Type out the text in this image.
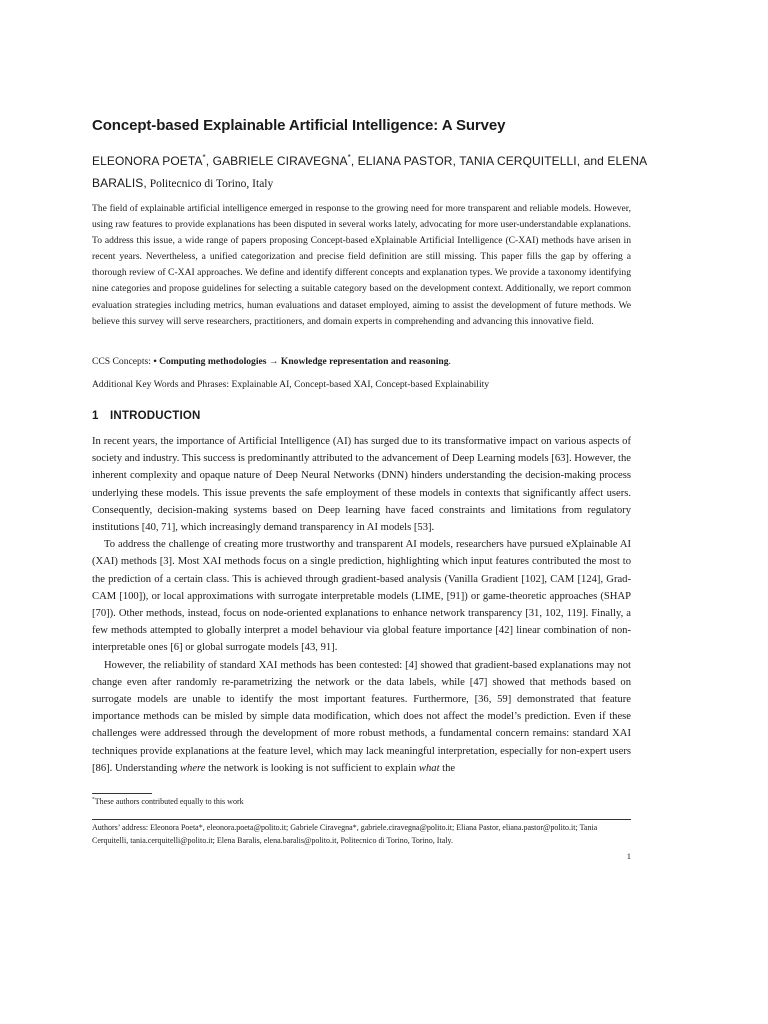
Concept-based Explainable Artificial Intelligence: A Survey
ELEONORA POETA*, GABRIELE CIRAVEGNA*, ELIANA PASTOR, TANIA CERQUITELLI, and ELENA BARALIS, Politecnico di Torino, Italy

The field of explainable artificial intelligence emerged in response to the growing need for more transparent and reliable models. However, using raw features to provide explanations has been disputed in several works lately, advocating for more user-understandable explanations. To address this issue, a wide range of papers proposing Concept-based eXplainable Artificial Intelligence (C-XAI) methods have arisen in recent years. Nevertheless, a unified categorization and precise field definition are still missing. This paper fills the gap by offering a thorough review of C-XAI approaches. We define and identify different concepts and explanation types. We provide a taxonomy identifying nine categories and propose guidelines for selecting a suitable category based on the development context. Additionally, we report common evaluation strategies including metrics, human evaluations and dataset employed, aiming to assist the development of future methods. We believe this survey will serve researchers, practitioners, and domain experts in comprehending and advancing this innovative field.

CCS Concepts: • Computing methodologies → Knowledge representation and reasoning.

Additional Key Words and Phrases: Explainable AI, Concept-based XAI, Concept-based Explainability

1 INTRODUCTION

In recent years, the importance of Artificial Intelligence (AI) has surged due to its transformative impact on various aspects of society and industry. This success is predominantly attributed to the advancement of Deep Learning models [63]. However, the inherent complexity and opaque nature of Deep Neural Networks (DNN) hinders understanding the decision-making process underlying these models. This issue prevents the safe employment of these models in contexts that significantly affect users. Consequently, decision-making systems based on Deep learning have faced constraints and limitations from regulatory institutions [40, 71], which increasingly demand transparency in AI models [53].

To address the challenge of creating more trustworthy and transparent AI models, researchers have pursued eXplainable AI (XAI) methods [3]. Most XAI methods focus on a single prediction, highlighting which input features contributed the most to the prediction of a certain class. This is achieved through gradient-based analysis (Vanilla Gradient [102], CAM [124], Grad-CAM [100]), or local approximations with surrogate interpretable models (LIME, [91]) or game-theoretic approaches (SHAP [70]). Other methods, instead, focus on node-oriented explanations to enhance network transparency [31, 102, 119]. Finally, a few methods attempted to globally interpret a model behaviour via global feature importance [42] linear combination of non-interpretable ones [6] or global surrogate models [43, 91].

However, the reliability of standard XAI methods has been contested: [4] showed that gradient-based explanations may not change even after randomly re-parametrizing the network or the data labels, while [47] showed that methods based on surrogate models are unable to identify the most important features. Furthermore, [36, 59] demonstrated that feature importance methods can be misled by simple data modification, which does not affect the model’s prediction. Even if these challenges were addressed through the development of more robust methods, a fundamental concern remains: standard XAI techniques provide explanations at the feature level, which may lack meaningful interpretation, especially for non-expert users [86]. Understanding where the network is looking is not sufficient to explain what the

*These authors contributed equally to this work

Authors’ address: Eleonora Poeta*, eleonora.poeta@polito.it; Gabriele Ciravegna*, gabriele.ciravegna@polito.it; Eliana Pastor, eliana.pastor@polito.it; Tania Cerquitelli, tania.cerquitelli@polito.it; Elena Baralis, elena.baralis@polito.it, Politecnico di Torino, Torino, Italy.

1
